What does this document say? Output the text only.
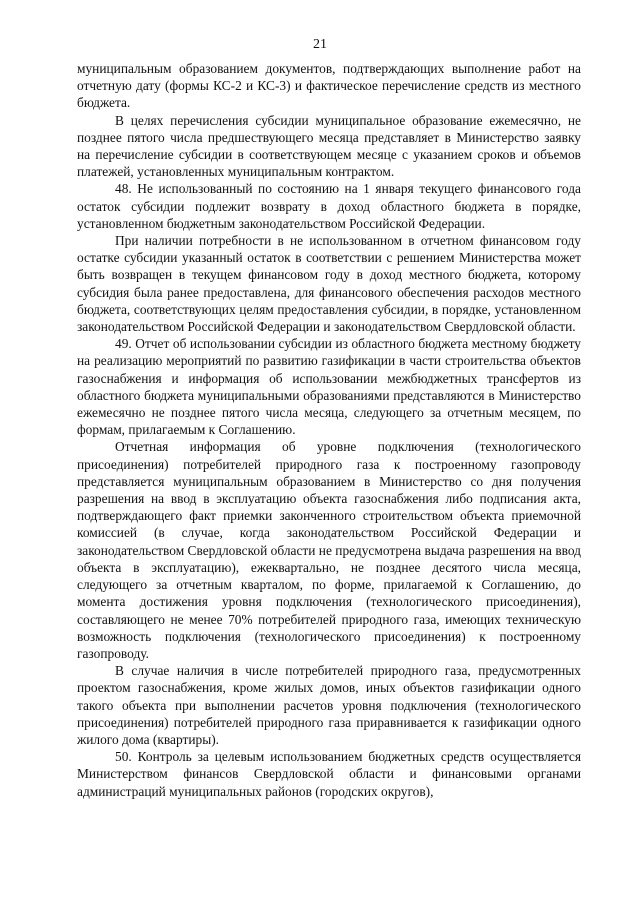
21

муниципальным образованием документов, подтверждающих выполнение работ на отчетную дату (формы КС-2 и КС-3) и фактическое перечисление средств из местного бюджета.

В целях перечисления субсидии муниципальное образование ежемесячно, не позднее пятого числа предшествующего месяца представляет в Министерство заявку на перечисление субсидии в соответствующем месяце с указанием сроков и объемов платежей, установленных муниципальным контрактом.

48. Не использованный по состоянию на 1 января текущего финансового года остаток субсидии подлежит возврату в доход областного бюджета в порядке, установленном бюджетным законодательством Российской Федерации.

При наличии потребности в не использованном в отчетном финансовом году остатке субсидии указанный остаток в соответствии с решением Министерства может быть возвращен в текущем финансовом году в доход местного бюджета, которому субсидия была ранее предоставлена, для финансового обеспечения расходов местного бюджета, соответствующих целям предоставления субсидии, в порядке, установленном законодательством Российской Федерации и законодательством Свердловской области.

49. Отчет об использовании субсидии из областного бюджета местному бюджету на реализацию мероприятий по развитию газификации в части строительства объектов газоснабжения и информация об использовании межбюджетных трансфертов из областного бюджета муниципальными образованиями представляются в Министерство ежемесячно не позднее пятого числа месяца, следующего за отчетным месяцем, по формам, прилагаемым к Соглашению.

Отчетная информация об уровне подключения (технологического присоединения) потребителей природного газа к построенному газопроводу представляется муниципальным образованием в Министерство со дня получения разрешения на ввод в эксплуатацию объекта газоснабжения либо подписания акта, подтверждающего факт приемки законченного строительством объекта приемочной комиссией (в случае, когда законодательством Российской Федерации и законодательством Свердловской области не предусмотрена выдача разрешения на ввод объекта в эксплуатацию), ежеквартально, не позднее десятого числа месяца, следующего за отчетным кварталом, по форме, прилагаемой к Соглашению, до момента достижения уровня подключения (технологического присоединения), составляющего не менее 70% потребителей природного газа, имеющих техническую возможность подключения (технологического присоединения) к построенному газопроводу.

В случае наличия в числе потребителей природного газа, предусмотренных проектом газоснабжения, кроме жилых домов, иных объектов газификации одного такого объекта при выполнении расчетов уровня подключения (технологического присоединения) потребителей природного газа приравнивается к газификации одного жилого дома (квартиры).

50. Контроль за целевым использованием бюджетных средств осуществляется Министерством финансов Свердловской области и финансовыми органами администраций муниципальных районов (городских округов),
